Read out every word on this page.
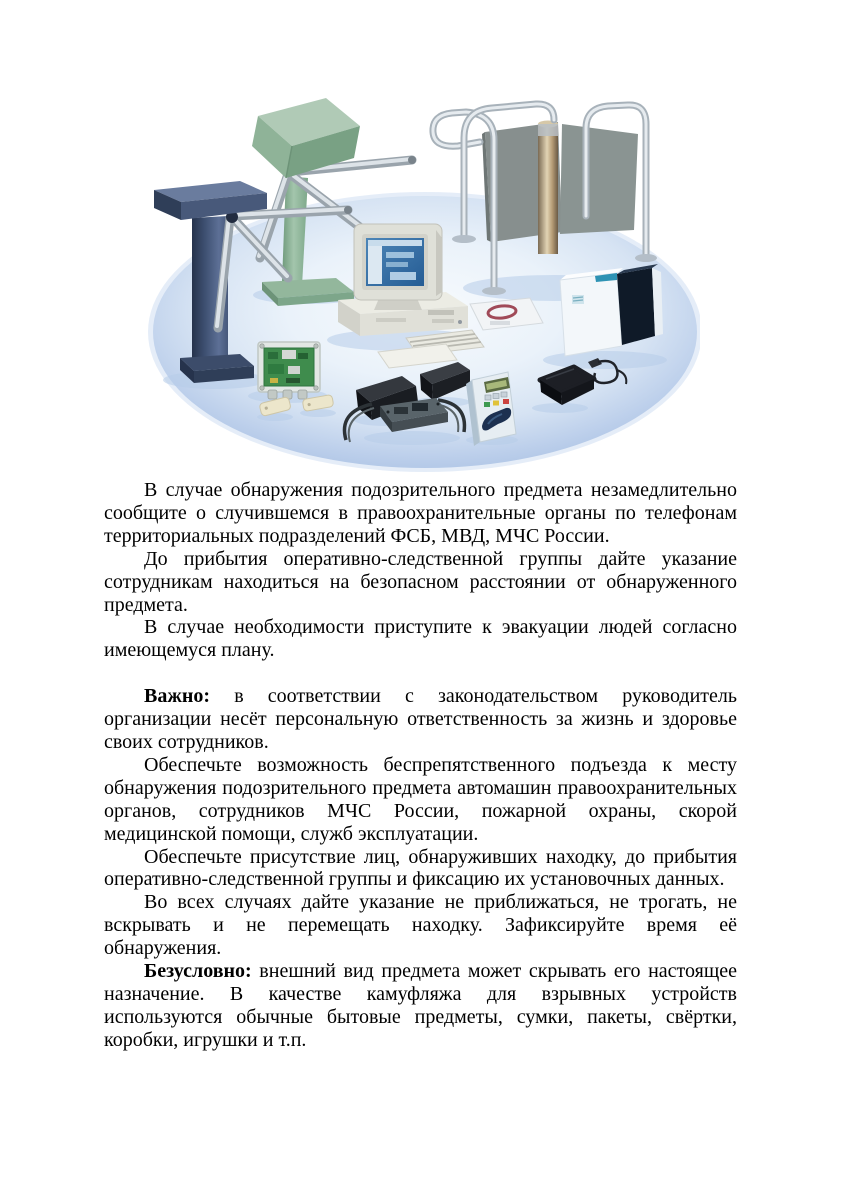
В случае обнаружения подозрительного предмета незамедлительно сообщите о случившемся в правоохранительные органы по телефонам территориальных подразделений ФСБ, МВД, МЧС России.

До прибытия оперативно-следственной группы дайте указание сотрудникам находиться на безопасном расстоянии от обнаруженного предмета.

В случае необходимости приступите к эвакуации людей согласно имеющемуся плану.

Важно: в соответствии с законодательством руководитель организации несёт персональную ответственность за жизнь и здоровье своих сотрудников.

Обеспечьте возможность беспрепятственного подъезда к месту обнаружения подозрительного предмета автомашин правоохранительных органов, сотрудников МЧС России, пожарной охраны, скорой медицинской помощи, служб эксплуатации.

Обеспечьте присутствие лиц, обнаруживших находку, до прибытия оперативно-следственной группы и фиксацию их установочных данных.

Во всех случаях дайте указание не приближаться, не трогать, не вскрывать и не перемещать находку. Зафиксируйте время её обнаружения.

Безусловно: внешний вид предмета может скрывать его настоящее назначение. В качестве камуфляжа для взрывных устройств используются обычные бытовые предметы, сумки, пакеты, свёртки, коробки, игрушки и т.п.
